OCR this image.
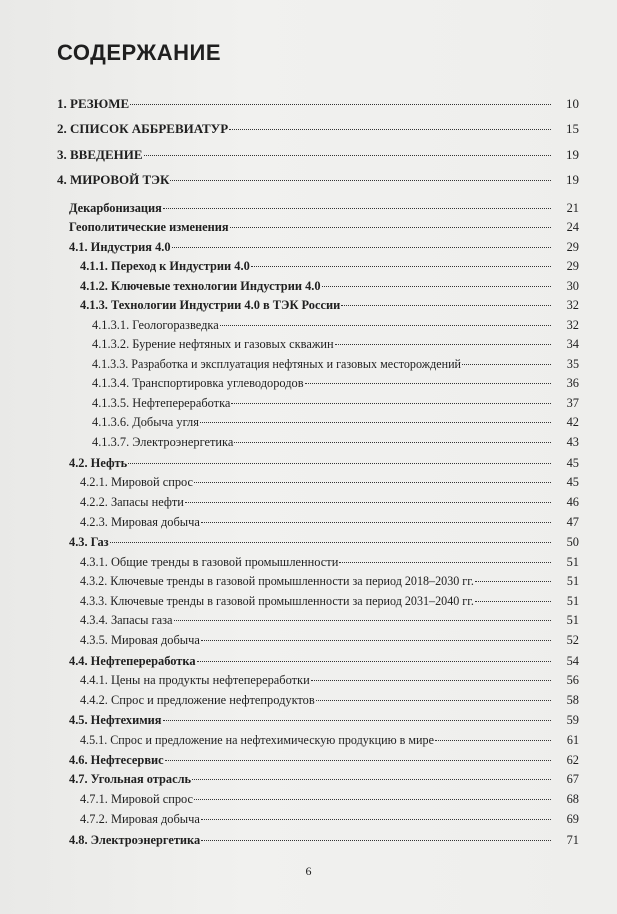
СОДЕРЖАНИЕ
1. РЕЗЮМЕ	10
2. СПИСОК АББРЕВИАТУР	15
3. ВВЕДЕНИЕ	19
4. МИРОВОЙ ТЭК	19
Декарбонизация	21
Геополитические изменения	24
4.1. Индустрия 4.0	29
4.1.1. Переход к Индустрии 4.0	29
4.1.2. Ключевые технологии Индустрии 4.0	30
4.1.3. Технологии Индустрии 4.0 в ТЭК России	32
4.1.3.1. Геологоразведка	32
4.1.3.2. Бурение нефтяных и газовых скважин	34
4.1.3.3. Разработка и эксплуатация нефтяных и газовых месторождений	35
4.1.3.4. Транспортировка углеводородов	36
4.1.3.5. Нефтепереработка	37
4.1.3.6. Добыча угля	42
4.1.3.7. Электроэнергетика	43
4.2. Нефть	45
4.2.1. Мировой спрос	45
4.2.2. Запасы нефти	46
4.2.3. Мировая добыча	47
4.3. Газ	50
4.3.1. Общие тренды в газовой промышленности	51
4.3.2. Ключевые тренды в газовой промышленности за период 2018–2030 гг.	51
4.3.3. Ключевые тренды в газовой промышленности за период 2031–2040 гг.	51
4.3.4. Запасы газа	51
4.3.5. Мировая добыча	52
4.4. Нефтепереработка	54
4.4.1. Цены на продукты нефтепереработки	56
4.4.2. Спрос и предложение нефтепродуктов	58
4.5. Нефтехимия	59
4.5.1. Спрос и предложение на нефтехимическую продукцию в мире	61
4.6. Нефтесервис	62
4.7. Угольная отрасль	67
4.7.1. Мировой спрос	68
4.7.2. Мировая добыча	69
4.8. Электроэнергетика	71
6
